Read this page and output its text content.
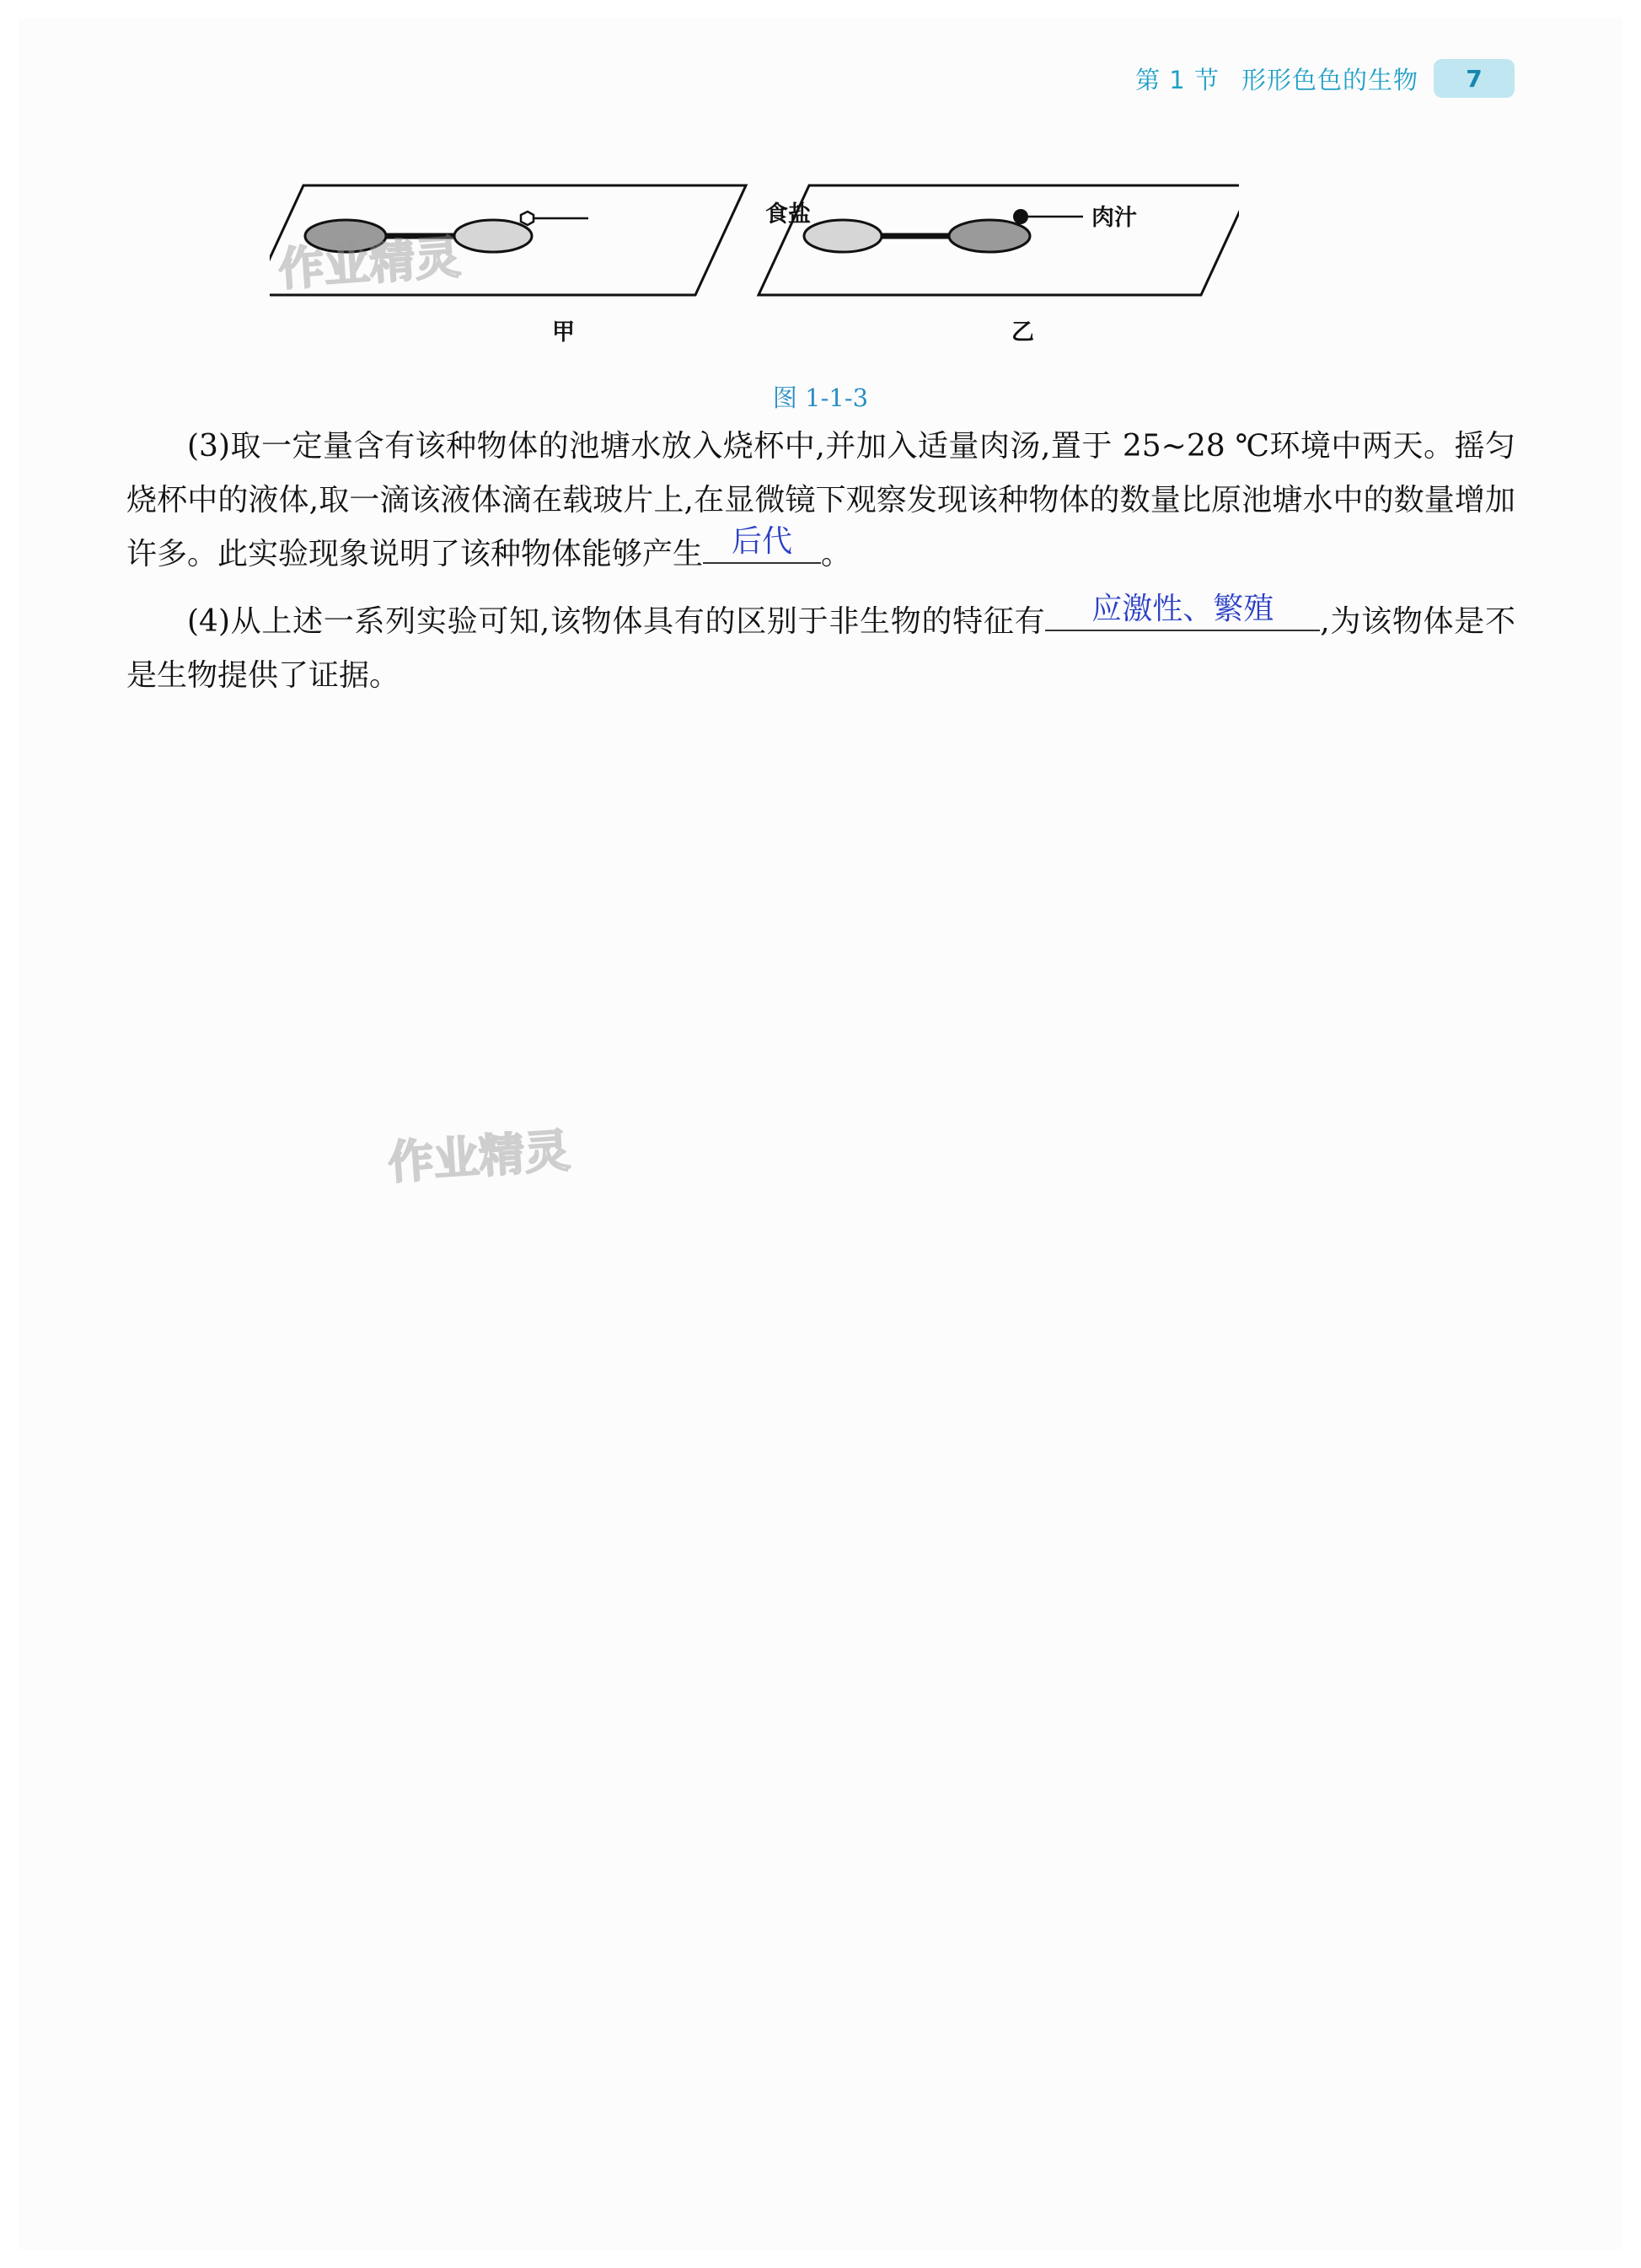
第 1 节 形形色色的生物	7
食盐	肉汁
甲	乙
图 1-1-3

(3)取一定量含有该种物体的池塘水放入烧杯中,并加入适量肉汤,置于 25~28 ℃环境中两天。摇匀烧杯中的液体,取一滴该液体滴在载玻片上,在显微镜下观察发现该种物体的数量比原池塘水中的数量增加许多。此实验现象说明了该种物体能够产生 后代 。

(4)从上述一系列实验可知,该物体具有的区别于非生物的特征有	应激性、繁殖	,为该物体是不是生物提供了证据。

作业精灵
作业精灵
